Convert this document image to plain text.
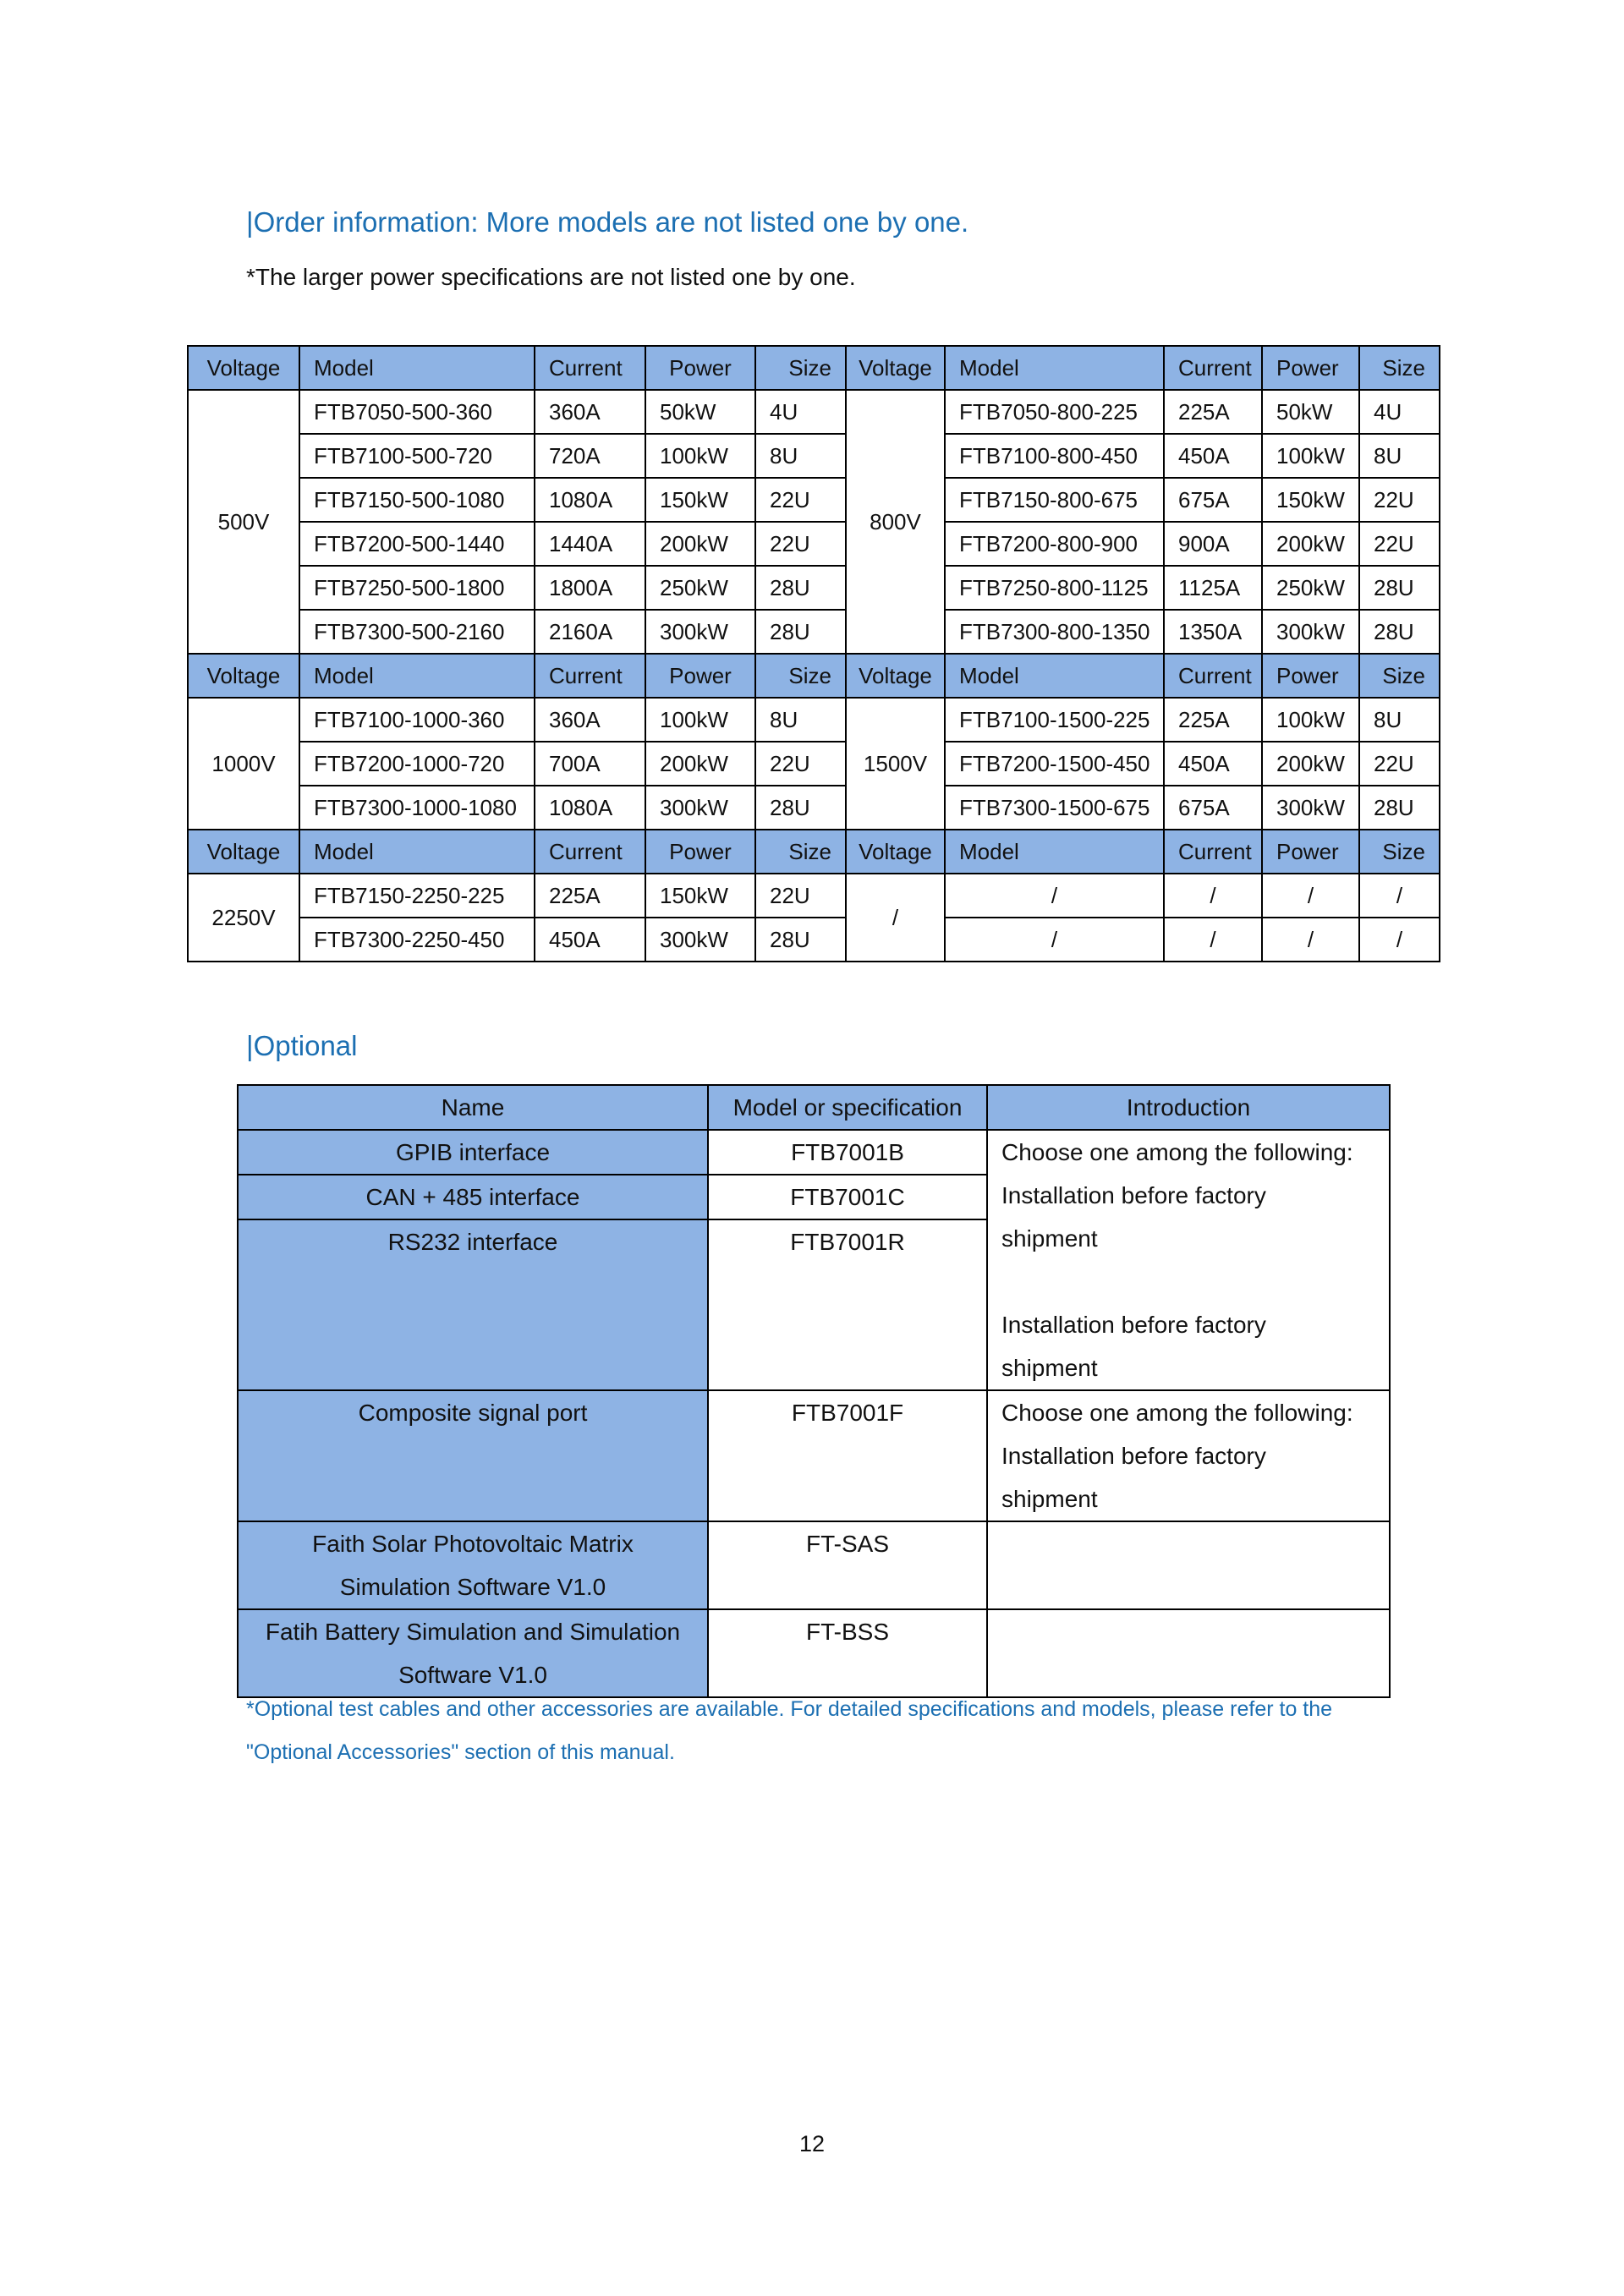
|Order information: More models are not listed one by one.

*The larger power specifications are not listed one by one.

Voltage	Model	Current	Power	Size	Voltage	Model	Current	Power	Size
500V	FTB7050-500-360	360A	50kW	4U	800V	FTB7050-800-225	225A	50kW	4U
	FTB7100-500-720	720A	100kW	8U		FTB7100-800-450	450A	100kW	8U
	FTB7150-500-1080	1080A	150kW	22U		FTB7150-800-675	675A	150kW	22U
	FTB7200-500-1440	1440A	200kW	22U		FTB7200-800-900	900A	200kW	22U
	FTB7250-500-1800	1800A	250kW	28U		FTB7250-800-1125	1125A	250kW	28U
	FTB7300-500-2160	2160A	300kW	28U		FTB7300-800-1350	1350A	300kW	28U
Voltage	Model	Current	Power	Size	Voltage	Model	Current	Power	Size
1000V	FTB7100-1000-360	360A	100kW	8U	1500V	FTB7100-1500-225	225A	100kW	8U
	FTB7200-1000-720	700A	200kW	22U		FTB7200-1500-450	450A	200kW	22U
	FTB7300-1000-1080	1080A	300kW	28U		FTB7300-1500-675	675A	300kW	28U
Voltage	Model	Current	Power	Size	Voltage	Model	Current	Power	Size
2250V	FTB7150-2250-225	225A	150kW	22U	/	/	/	/	/
	FTB7300-2250-450	450A	300kW	28U		/	/	/	/
|Optional
Name	Model or specification	Introduction

GPIB interface	FTB7001B	Choose one among the following:
Installation before factory
shipment

Installation before factory
shipment

CAN + 485 interface	FTB7001C	

RS232 interface	FTB7001R	

Composite signal port	FTB7001F	Choose one among the following:
Installation before factory
shipment

Faith Solar Photovoltaic Matrix
Simulation Software V1.0	FT-SAS	

Fatih Battery Simulation and Simulation
Software V1.0	FT-BSS	

*Optional test cables and other accessories are available. For detailed specifications and models, please refer to the
"Optional Accessories" section of this manual.

12
